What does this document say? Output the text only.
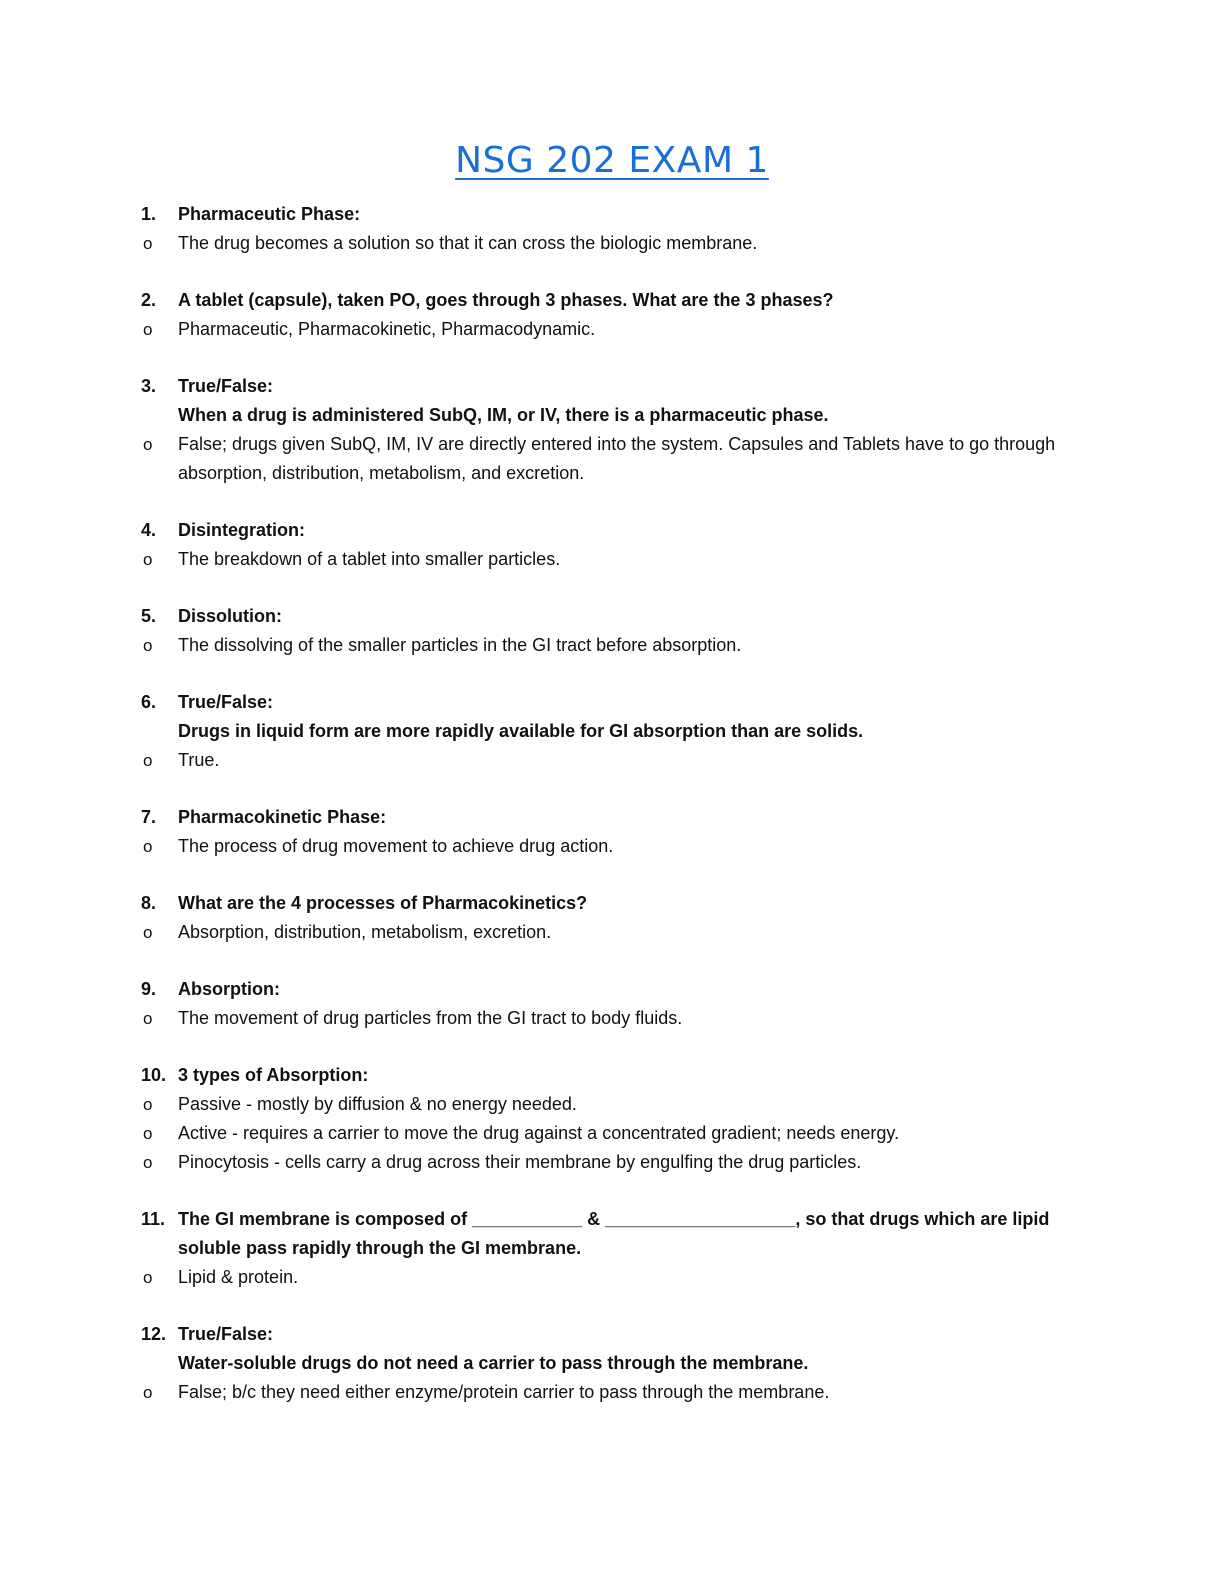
NSG 202 EXAM 1
1. Pharmaceutic Phase:
o The drug becomes a solution so that it can cross the biologic membrane.
2. A tablet (capsule), taken PO, goes through 3 phases. What are the 3 phases?
o Pharmaceutic, Pharmacokinetic, Pharmacodynamic.
3. True/False:
When a drug is administered SubQ, IM, or IV, there is a pharmaceutic phase.
o False; drugs given SubQ, IM, IV are directly entered into the system. Capsules and Tablets have to go through absorption, distribution, metabolism, and excretion.
4. Disintegration:
o The breakdown of a tablet into smaller particles.
5. Dissolution:
o The dissolving of the smaller particles in the GI tract before absorption.
6. True/False:
Drugs in liquid form are more rapidly available for GI absorption than are solids.
o True.
7. Pharmacokinetic Phase:
o The process of drug movement to achieve drug action.
8. What are the 4 processes of Pharmacokinetics?
o Absorption, distribution, metabolism, excretion.
9. Absorption:
o The movement of drug particles from the GI tract to body fluids.
10. 3 types of Absorption:
o Passive - mostly by diffusion & no energy needed.
o Active - requires a carrier to move the drug against a concentrated gradient; needs energy.
o Pinocytosis - cells carry a drug across their membrane by engulfing the drug particles.
11. The GI membrane is composed of ___________ & ___________________, so that drugs which are lipid soluble pass rapidly through the GI membrane.
o Lipid & protein.
12. True/False:
Water-soluble drugs do not need a carrier to pass through the membrane.
o False; b/c they need either enzyme/protein carrier to pass through the membrane.
